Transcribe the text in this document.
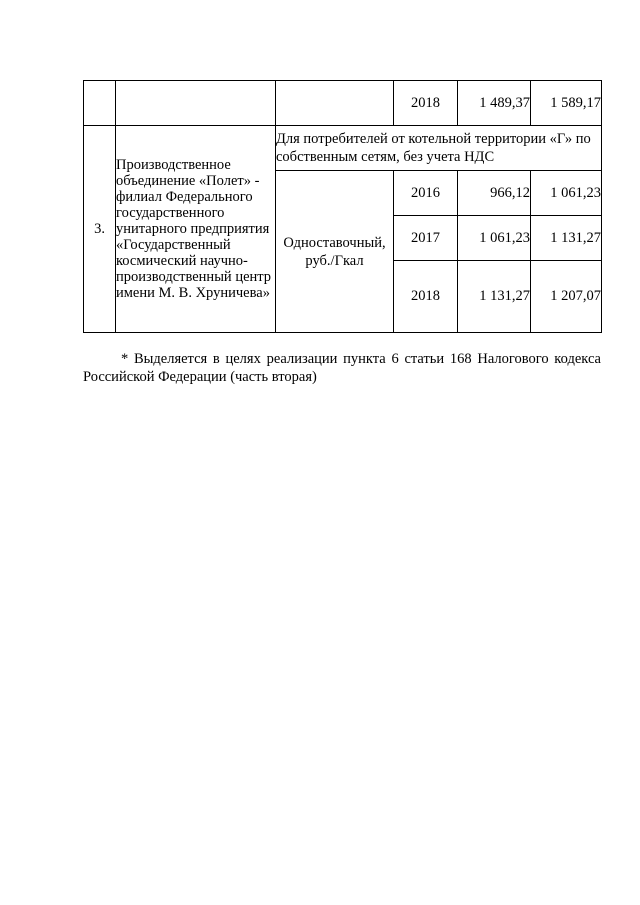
			2018	1 489,37	1 589,17
3.	Производственное объединение «Полет» - филиал Федерального государственного унитарного предприятия «Государственный космический научно-производственный центр имени М. В. Хруничева»	Для потребителей от котельной территории «Г» по собственным сетям, без учета НДС			
		Одноставочный, руб./Гкал	2016	966,12	1 061,23
			2017	1 061,23	1 131,27
			2018	1 131,27	1 207,07
* Выделяется в целях реализации пункта 6 статьи 168 Налогового кодекса Российской Федерации (часть вторая)
